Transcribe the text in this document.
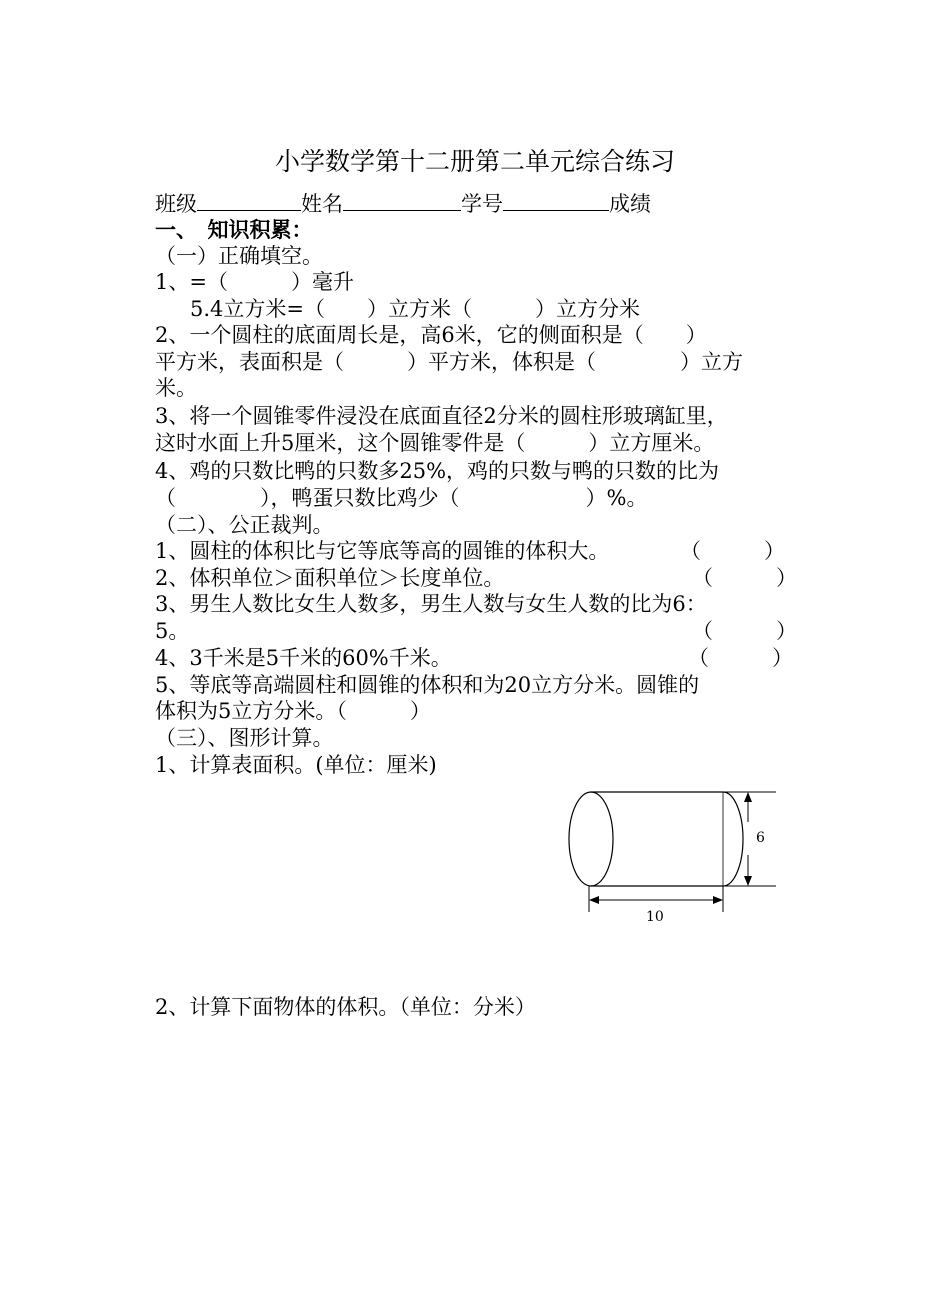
小学数学第十二册第二单元综合练习
班级	姓名	学号	成绩
一、　知识积累：
（一）正确填空。
1、=（　　　）毫升
5.4立方米=（　　）立方米（　　　）立方分米
2、一个圆柱的底面周长是，高6米，它的侧面积是（　　）
平方米，表面积是（　　　）平方米，体积是（　　　　）立方
米。
3、将一个圆锥零件浸没在底面直径2分米的圆柱形玻璃缸里，
这时水面上升5厘米，这个圆锥零件是（　　　）立方厘米。
4、鸡的只数比鸭的只数多25%，鸡的只数与鸭的只数的比为
（　　　　），鸭蛋只数比鸡少（　　　　　　）%。
（二）、公正裁判。
1、圆柱的体积比与它等底等高的圆锥的体积大。	（　　　）
2、体积单位＞面积单位＞长度单位。	（　　　）
3、男生人数比女生人数多，男生人数与女生人数的比为6：
5。	（　　　）
4、3千米是5千米的60%千米。	（　　　）
5、等底等高端圆柱和圆锥的体积和为20立方分米。圆锥的
体积为5立方分米。（　　　）
（三）、图形计算。
1、计算表面积。(单位：厘米)
6
10
2、计算下面物体的体积。（单位：分米）
